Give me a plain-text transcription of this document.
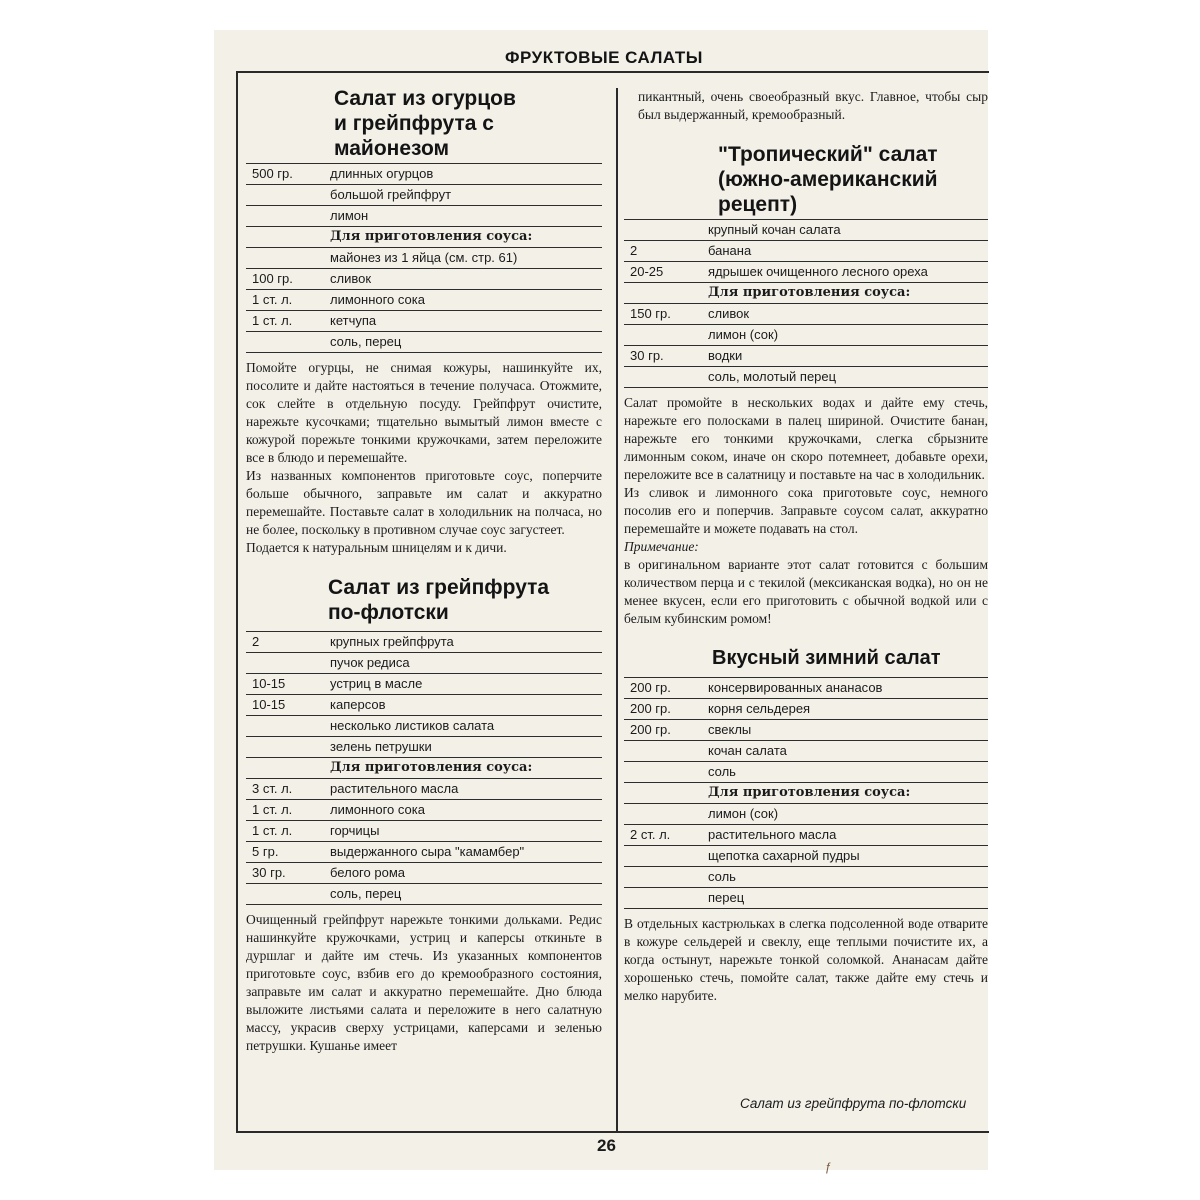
ФРУКТОВЫЕ САЛАТЫ
Салат из огурцов
и грейпфрута с
майонезом
500 гр.	длинных огурцов
большой грейпфрут
лимон
Для приготовления соуса:
майонез из 1 яйца (см. стр. 61)
100 гр.	сливок
1 ст. л.	лимонного сока
1 ст. л.	кетчупа
соль, перец

Помойте огурцы, не снимая кожуры, нашинкуйте их, посолите и дайте настояться в течение получаса. Отожмите, сок слейте в отдельную посуду. Грейпфрут очистите, нарежьте кусочками; тщательно вымытый лимон вместе с кожурой порежьте тонкими кружочками, затем переложите все в блюдо и перемешайте.

Из названных компонентов приготовьте соус, поперчите больше обычного, заправьте им салат и аккуратно перемешайте. Поставьте салат в холодильник на полчаса, но не более, поскольку в противном случае соус загустеет.

Подается к натуральным шницелям и к дичи.

Салат из грейпфрута
по-флотски
2	крупных грейпфрута
пучок редиса
10-15	устриц в масле
10-15	каперсов
несколько листиков салата
зелень петрушки
Для приготовления соуса:
3 ст. л.	растительного масла
1 ст. л.	лимонного сока
1 ст. л.	горчицы
5 гр.	выдержанного сыра "камамбер"
30 гр.	белого рома
соль, перец

Очищенный грейпфрут нарежьте тонкими дольками. Редис нашинкуйте кружочками, устриц и каперсы откиньте в дуршлаг и дайте им стечь. Из указанных компонентов приготовьте соус, взбив его до кремообразного состояния, заправьте им салат и аккуратно перемешайте. Дно блюда выложите листьями салата и переложите в него салатную массу, украсив сверху устрицами, каперсами и зеленью петрушки. Кушанье имеет

пикантный, очень своеобразный вкус. Главное, чтобы сыр был выдержанный, кремообразный.

"Тропический" салат
(южно-американский
рецепт)
крупный кочан салата
2	банана
20-25	ядрышек очищенного лесного ореха
Для приготовления соуса:
150 гр.	сливок
лимон (сок)
30 гр.	водки
соль, молотый перец

Салат промойте в нескольких водах и дайте ему стечь, нарежьте его полосками в палец шириной. Очистите банан, нарежьте его тонкими кружочками, слегка сбрызните лимонным соком, иначе он скоро потемнеет, добавьте орехи, переложите все в салатницу и поставьте на час в холодильник.

Из сливок и лимонного сока приготовьте соус, немного посолив его и поперчив. Заправьте соусом салат, аккуратно перемешайте и можете подавать на стол.

Примечание:

в оригинальном варианте этот салат готовится с большим количеством перца и с текилой (мексиканская водка), но он не менее вкусен, если его приготовить с обычной водкой или с белым кубинским ромом!

Вкусный зимний салат
200 гр.	консервированных ананасов
200 гр.	корня сельдерея
200 гр.	свеклы
кочан салата
соль
Для приготовления соуса:
лимон (сок)
2 ст. л.	растительного масла
щепотка сахарной пудры
соль
перец

В отдельных кастрюльках в слегка подсоленной воде отварите в кожуре сельдерей и свеклу, еще теплыми почистите их, а когда остынут, нарежьте тонкой соломкой. Ананасам дайте хорошенько стечь, помойте салат, также дайте ему стечь и мелко нарубите.

Салат из грейпфрута по-флотски
26
ƒ
